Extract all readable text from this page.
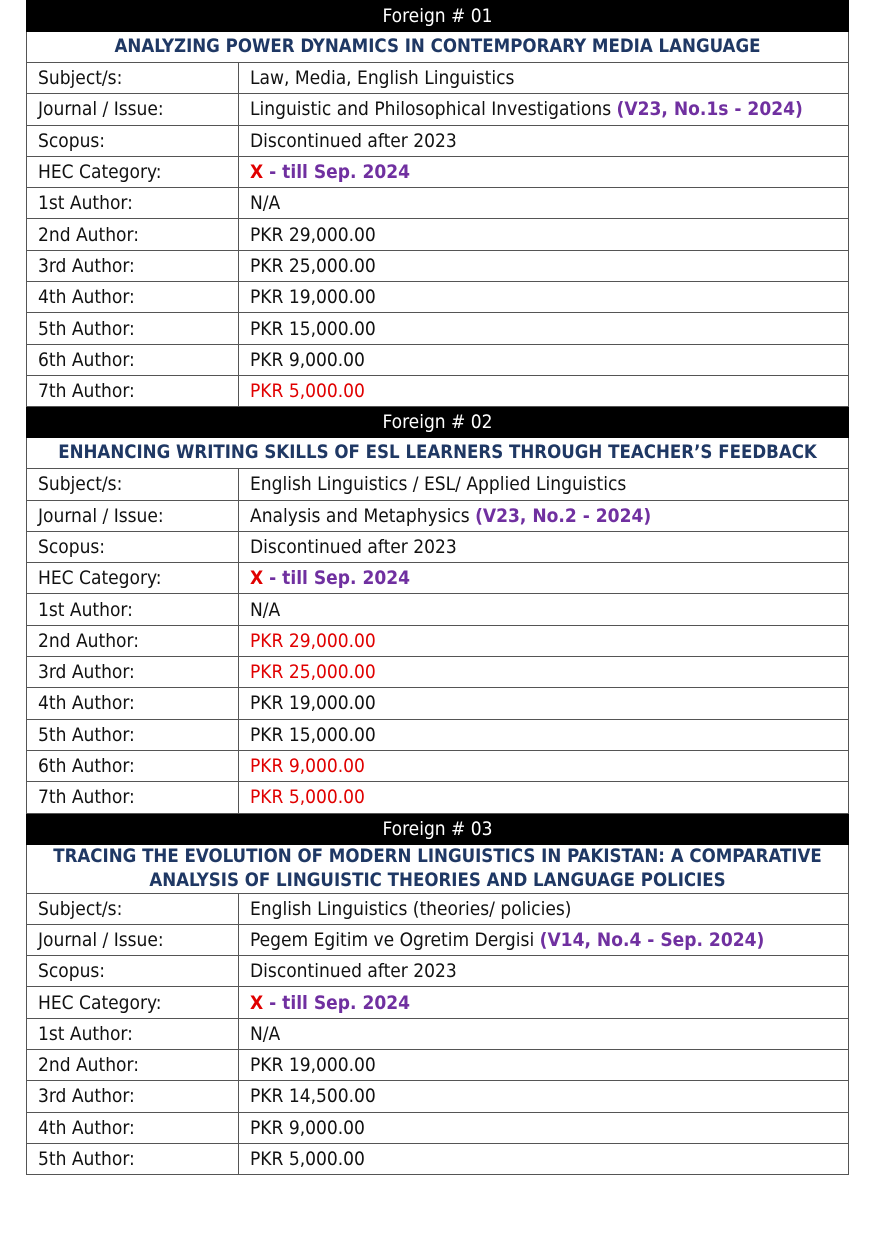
Foreign # 01	
ANALYZING POWER DYNAMICS IN CONTEMPORARY MEDIA LANGUAGE	
Subject/s:	Law, Media, English Linguistics
Journal / Issue:	Linguistic and Philosophical Investigations (V23, No.1s - 2024)
Scopus:	Discontinued after 2023
HEC Category:	X - till Sep. 2024
1st Author:	N/A
2nd Author:	PKR 29,000.00
3rd Author:	PKR 25,000.00
4th Author:	PKR 19,000.00
5th Author:	PKR 15,000.00
6th Author:	PKR 9,000.00
7th Author:	PKR 5,000.00
Foreign # 02	
ENHANCING WRITING SKILLS OF ESL LEARNERS THROUGH TEACHER’S FEEDBACK	
Subject/s:	English Linguistics / ESL/ Applied Linguistics
Journal / Issue:	Analysis and Metaphysics (V23, No.2 - 2024)
Scopus:	Discontinued after 2023
HEC Category:	X - till Sep. 2024
1st Author:	N/A
2nd Author:	PKR 29,000.00
3rd Author:	PKR 25,000.00
4th Author:	PKR 19,000.00
5th Author:	PKR 15,000.00
6th Author:	PKR 9,000.00
7th Author:	PKR 5,000.00
Foreign # 03	
TRACING THE EVOLUTION OF MODERN LINGUISTICS IN PAKISTAN: A COMPARATIVE ANALYSIS OF LINGUISTIC THEORIES AND LANGUAGE POLICIES	
Subject/s:	English Linguistics (theories/ policies)
Journal / Issue:	Pegem Egitim ve Ogretim Dergisi (V14, No.4 - Sep. 2024)
Scopus:	Discontinued after 2023
HEC Category:	X - till Sep. 2024
1st Author:	N/A
2nd Author:	PKR 19,000.00
3rd Author:	PKR 14,500.00
4th Author:	PKR 9,000.00
5th Author:	PKR 5,000.00
